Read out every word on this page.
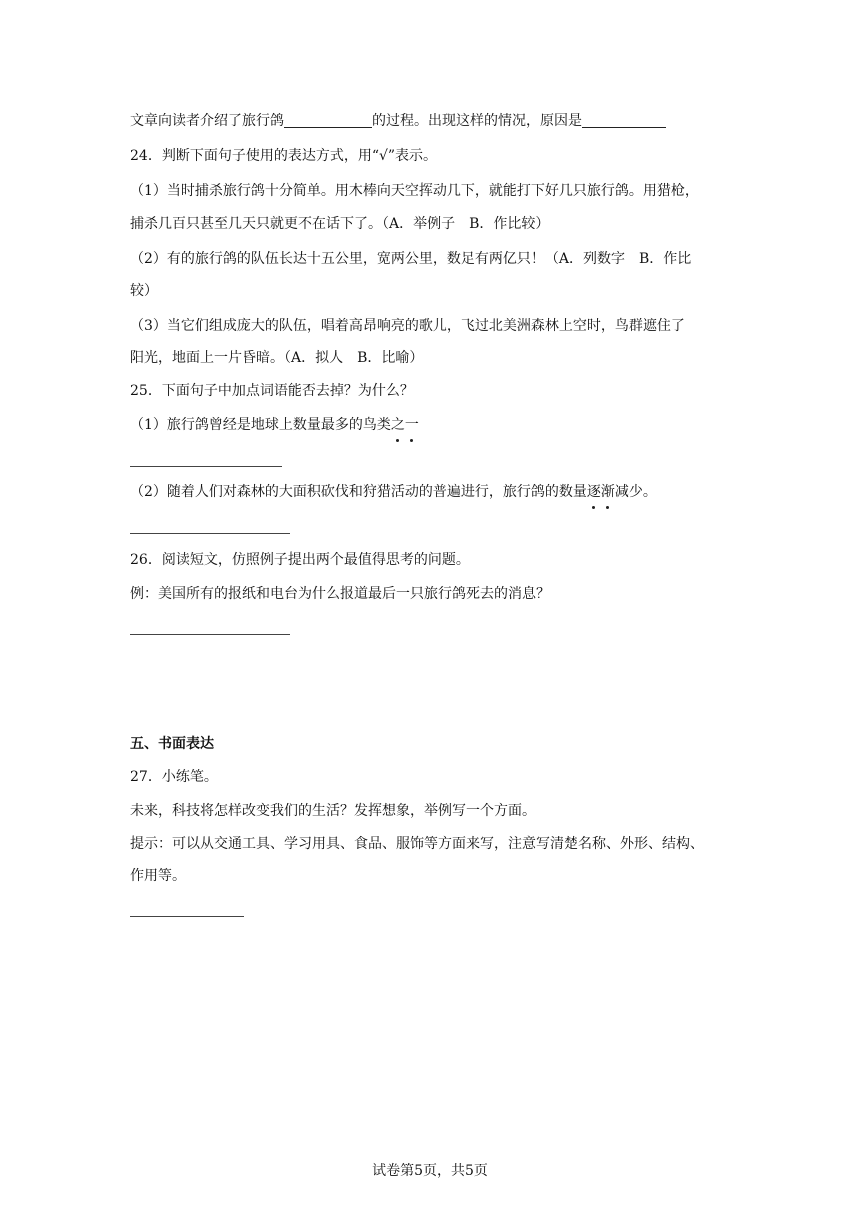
文章向读者介绍了旅行鸽	的过程。出现这样的情况，原因是
24．判断下面句子使用的表达方式，用“√”表示。
（1）当时捕杀旅行鸽十分简单。用木棒向天空挥动几下，就能打下好几只旅行鸽。用猎枪，
捕杀几百只甚至几天只就更不在话下了。（A．举例子　B．作比较）
（2）有的旅行鸽的队伍长达十五公里，宽两公里，数足有两亿只！（A．列数字　B．作比
较）
（3）当它们组成庞大的队伍，唱着高昂响亮的歌儿，飞过北美洲森林上空时，鸟群遮住了
阳光，地面上一片昏暗。（A．拟人　B．比喻）
25．下面句子中加点词语能否去掉？为什么？
（1）旅行鸽曾经是地球上数量最多的鸟类之一
（2）随着人们对森林的大面积砍伐和狩猎活动的普遍进行，旅行鸽的数量逐渐减少。
26．阅读短文，仿照例子提出两个最值得思考的问题。
例：美国所有的报纸和电台为什么报道最后一只旅行鸽死去的消息？
五、书面表达
27．小练笔。
未来，科技将怎样改变我们的生活？发挥想象，举例写一个方面。
提示：可以从交通工具、学习用具、食品、服饰等方面来写，注意写清楚名称、外形、结构、
作用等。
试卷第5页，共5页
